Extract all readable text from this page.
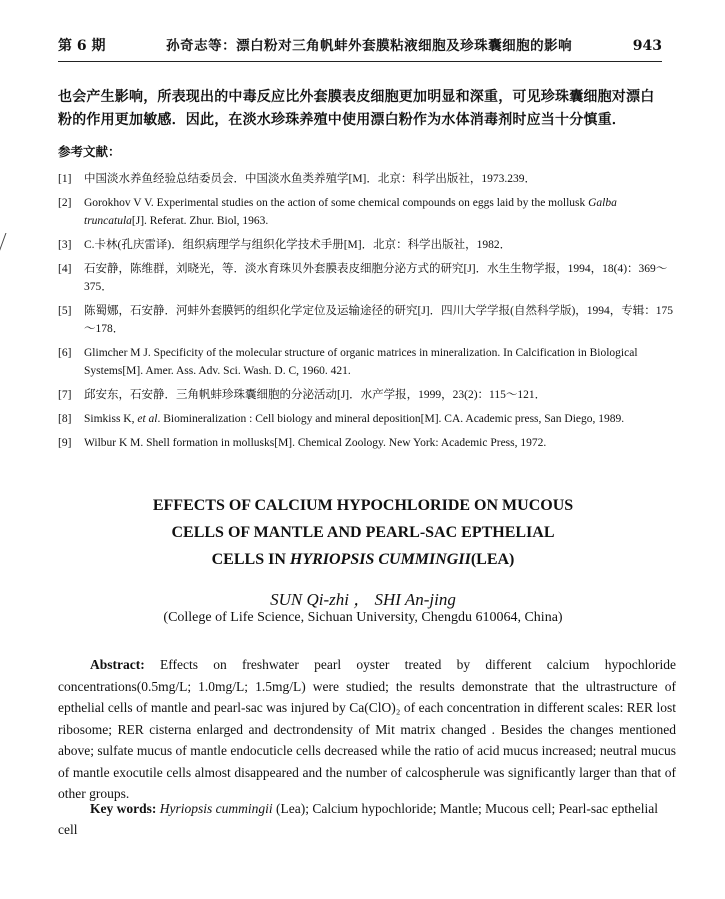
第 6 期	孙奇志等：漂白粉对三角帆蚌外套膜粘液细胞及珍珠囊细胞的影响	943

也会产生影响，所表现出的中毒反应比外套膜表皮细胞更加明显和深重，可见珍珠囊细胞对漂白粉的作用更加敏感．因此，在淡水珍珠养殖中使用漂白粉作为水体消毒剂时应当十分慎重．

参考文献：
[1]	中国淡水养鱼经验总结委员会．中国淡水鱼类养殖学[M]．北京：科学出版社，1973.239．
[2]	Gorokhov V V. Experimental studies on the action of some chemical compounds on eggs laid by the mollusk Galba truncatula[J]. Referat. Zhur. Biol, 1963.
[3]	C.卡林(孔庆雷译)．组织病理学与组织化学技术手册[M]．北京：科学出版社，1982．
[4]	石安静，陈维群，刘晓光，等．淡水育珠贝外套膜表皮细胞分泌方式的研究[J]．水生生物学报，1994，18(4)：369～375．
[5]	陈蜀娜，石安静．河蚌外套膜钙的组织化学定位及运输途径的研究[J]．四川大学学报(自然科学版)，1994，专辑：175～178．
[6]	Glimcher M J. Specificity of the molecular structure of organic matrices in mineralization. In Calcification in Biological Systems[M]. Amer. Ass. Adv. Sci. Wash. D. C, 1960. 421.
[7]	邱安东，石安静．三角帆蚌珍珠囊细胞的分泌活动[J]．水产学报，1999，23(2)：115～121．
[8]	Simkiss K, et al. Biomineralization : Cell biology and mineral deposition[M]. CA. Academic press, San Diego, 1989.
[9]	Wilbur K M. Shell formation in mollusks[M]. Chemical Zoology. New York: Academic Press, 1972.
EFFECTS OF CALCIUM HYPOCHLORIDE ON MUCOUS
CELLS OF MANTLE AND PEARL-SAC EPTHELIAL
CELLS IN HYRIOPSIS CUMMINGII(LEA)
SUN Qi-zhi ， SHI An-jing
(College of Life Science, Sichuan University, Chengdu 610064, China)

Abstract: Effects on freshwater pearl oyster treated by different calcium hypochloride concentrations(0.5mg/L; 1.0mg/L; 1.5mg/L) were studied; the results demonstrate that the ultrastructure of epthelial cells of mantle and pearl-sac was injured by Ca(ClO)₂ of each concentration in different scales: RER lost ribosome; RER cisterna enlarged and dectrondensity of Mit matrix changed . Besides the changes mentioned above; sulfate mucus of mantle endocuticle cells decreased while the ratio of acid mucus increased; neutral mucus of mantle exocutile cells almost disappeared and the number of calcospherule was significantly larger than that of other groups.

Key words: Hyriopsis cummingii (Lea); Calcium hypochloride; Mantle; Mucous cell; Pearl-sac epthelial cell
